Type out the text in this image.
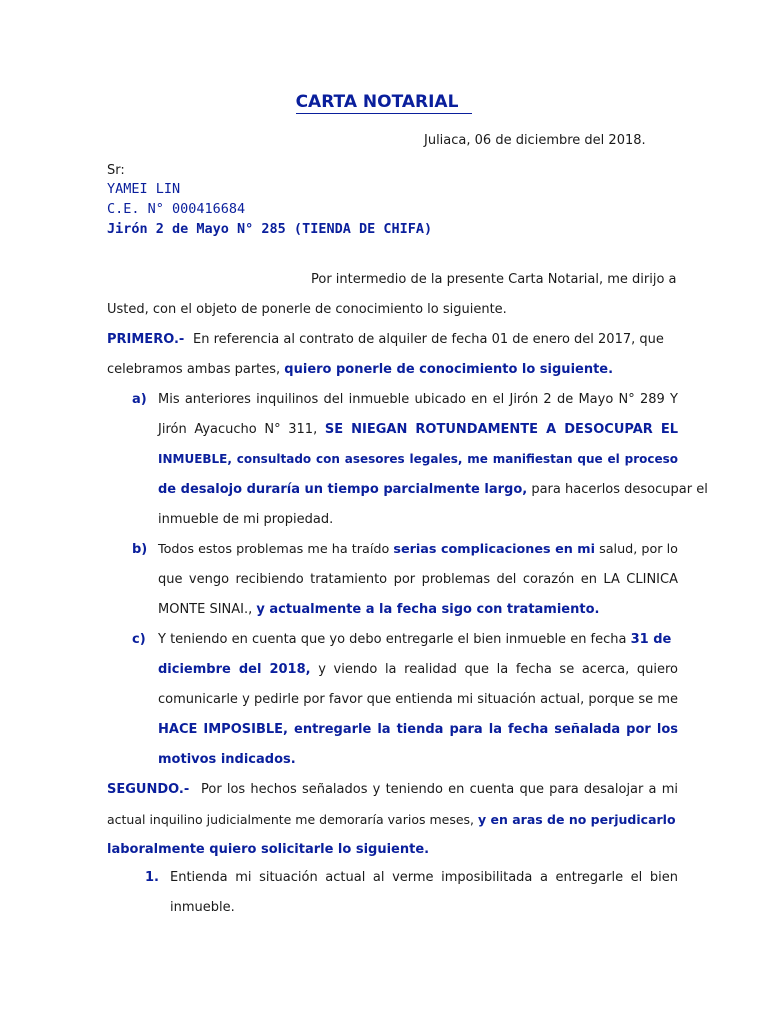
CARTA NOTARIAL
Juliaca, 06 de diciembre del 2018.
Sr:
YAMEI LIN
C.E. N° 000416684
Jirón 2 de Mayo N° 285 (TIENDA DE CHIFA)
Por intermedio de la presente Carta Notarial, me dirijo a
Usted, con el objeto de ponerle de conocimiento lo siguiente.
PRIMERO.- En referencia al contrato de alquiler de fecha 01 de enero del 2017, que
celebramos ambas partes, quiero ponerle de conocimiento lo siguiente.
a) Mis anteriores inquilinos del inmueble ubicado en el Jirón 2 de Mayo N° 289 Y
Jirón Ayacucho N° 311, SE NIEGAN ROTUNDAMENTE A DESOCUPAR EL
INMUEBLE, consultado con asesores legales, me manifiestan que el proceso
de desalojo duraría un tiempo parcialmente largo, para hacerlos desocupar el
inmueble de mi propiedad.
b) Todos estos problemas me ha traído serias complicaciones en mi salud, por lo
que vengo recibiendo tratamiento por problemas del corazón en LA CLINICA
MONTE SINAI., y actualmente a la fecha sigo con tratamiento.
c) Y teniendo en cuenta que yo debo entregarle el bien inmueble en fecha 31 de
diciembre del 2018, y viendo la realidad que la fecha se acerca, quiero
comunicarle y pedirle por favor que entienda mi situación actual, porque se me
HACE IMPOSIBLE, entregarle la tienda para la fecha señalada por los
motivos indicados.
SEGUNDO.- Por los hechos señalados y teniendo en cuenta que para desalojar a mi
actual inquilino judicialmente me demoraría varios meses, y en aras de no perjudicarlo
laboralmente quiero solicitarle lo siguiente.
1. Entienda mi situación actual al verme imposibilitada a entregarle el bien
inmueble.
